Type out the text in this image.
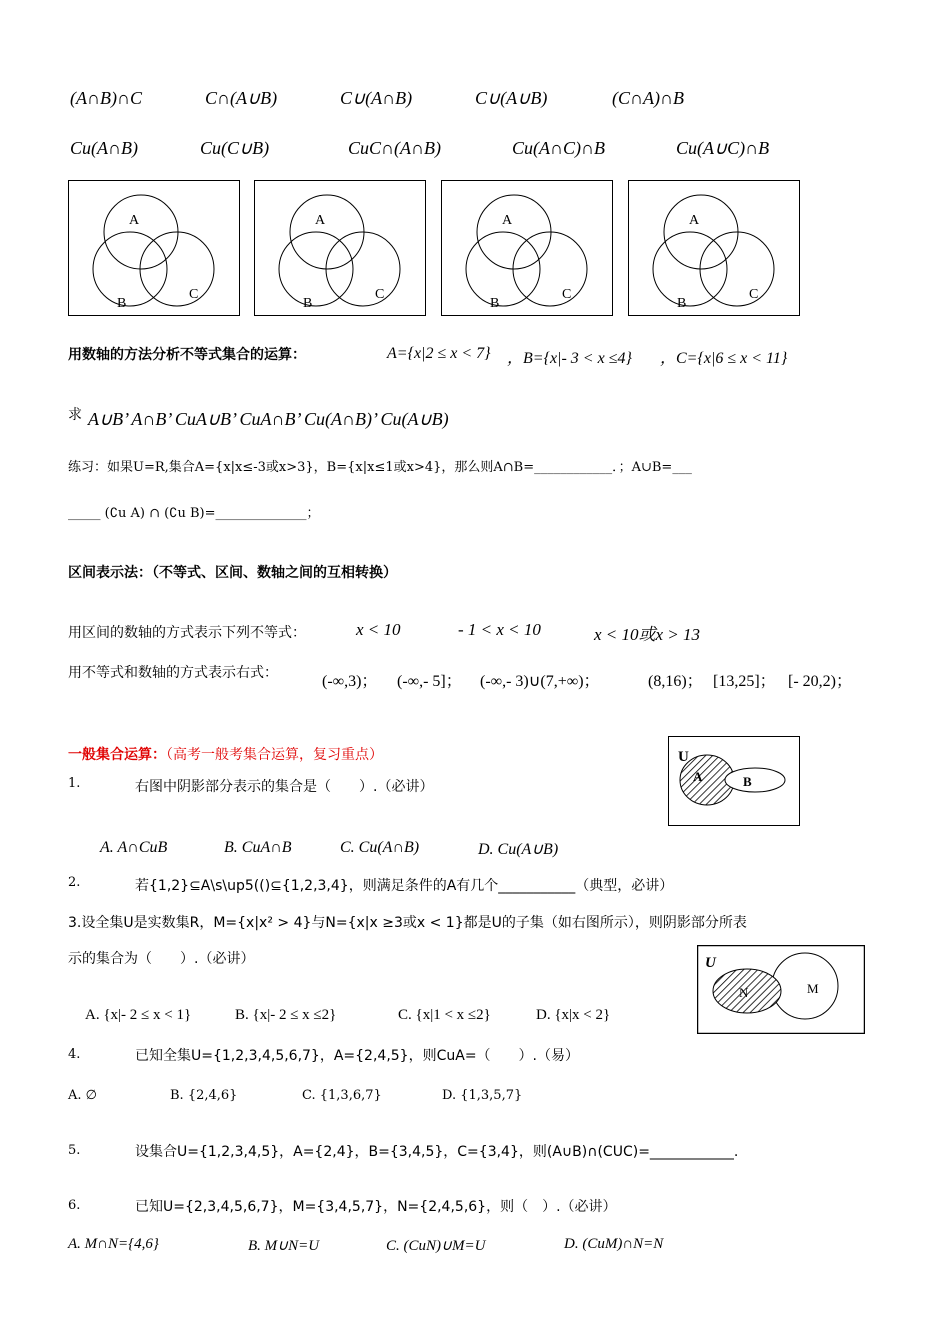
(A∩B)∩C	C∩(A∪B)	C∪(A∩B)	C∪(A∪B)	(C∩A)∩B
Cu(A∩B)	Cu(C∪B)	CuC∩(A∩B)	Cu(A∩C)∩B	Cu(A∪C)∩B
A
B
C
A
B
C
A
B
C
A
B
C
用数轴的方法分析不等式集合的运算：	A={x|2 ≤ x < 7} ，B={x|- 3 < x ≤4} ，C={x|6 ≤ x < 11}
求 A∪B’ A∩B’ CuA∪B’ CuA∩B’ Cu(A∩B)’ Cu(A∪B)
练习：如果U=R,集合A={x|x≤-3或x>3}，B={x|x≤1或x>4}，那么则A∩B=____________．；A∪B=___
_____ (∁u A) ∩ (∁u B)=______________；
区间表示法：（不等式、区间、数轴之间的互相转换）
用区间的数轴的方式表示下列不等式：	x < 10	- 1 < x < 10	x < 10或x > 13
用不等式和数轴的方式表示右式：	(-∞,3)； (-∞,- 5]； (-∞,- 3)∪(7,+∞)；	(8,16)； [13,25]； [- 20,2)；
一般集合运算：（高考一般考集合运算，复习重点）	U
A	B
1.	右图中阴影部分表示的集合是（　　）.（必讲）
A. A∩CuB	B. CuA∩B	C. Cu(A∩B)	D. Cu(A∪B)
2.	若{1,2}⊆A\s\up5(()⊆{1,2,3,4}，则满足条件的A有几个___________（典型，必讲）
3.设全集U是实数集R，M={x|x² > 4}与N={x|x ≥3或x < 1}都是U的子集（如右图所示），则阴影部分所表
示的集合为（　　）.（必讲）	U
N	M
A. {x|- 2 ≤ x < 1}	B. {x|- 2 ≤ x ≤2}	C. {x|1 < x ≤2}	D. {x|x < 2}
4.	已知全集U={1,2,3,4,5,6,7}，A={2,4,5}，则CuA=（　　）.（易）
A. ∅	B. {2,4,6}	C. {1,3,6,7}	D. {1,3,5,7}
5.	设集合U={1,2,3,4,5}，A={2,4}，B={3,4,5}，C={3,4}，则(A∪B)∩(CUC)=____________.
6.	已知U={2,3,4,5,6,7}，M={3,4,5,7}，N={2,4,5,6}，则（　）.（必讲）
A. M∩N={4,6}	B. M∪N=U	C. (CuN)∪M=U	D. (CuM)∩N=N
